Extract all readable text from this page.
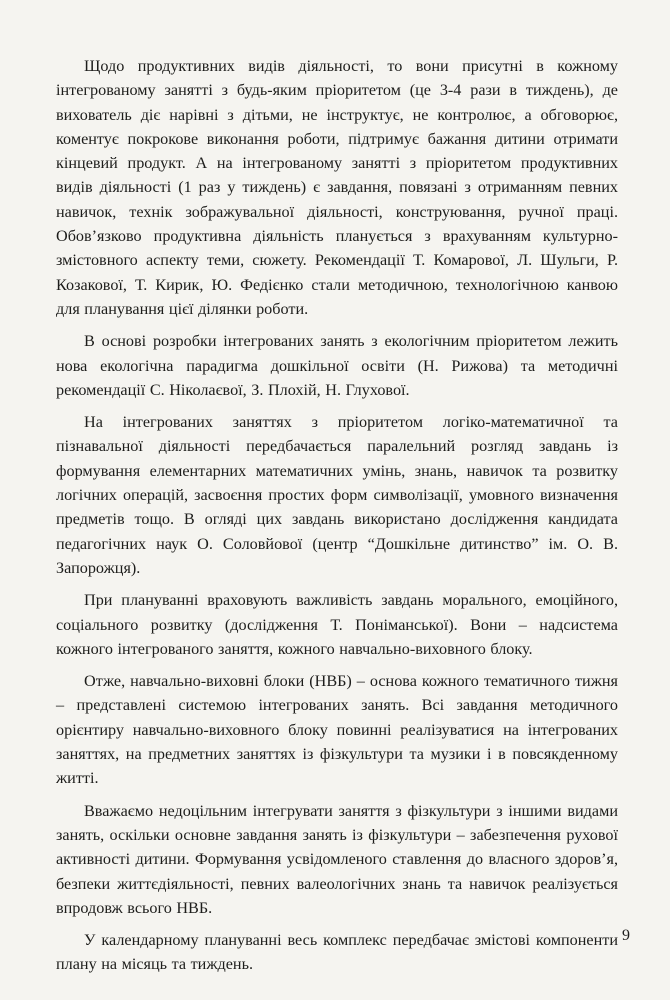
Щодо продуктивних видів діяльності, то вони присутні в кожному інтегрованому занятті з будь-яким пріоритетом (це 3-4 рази в тиждень), де вихователь діє нарівні з дітьми, не інструктує, не контролює, а обговорює, коментує покрокове виконання роботи, підтримує бажання дитини отримати кінцевий продукт. А на інтегрованому занятті з пріоритетом продуктивних видів діяльності (1 раз у тиждень) є завдання, повязані з отриманням певних навичок, технік зображувальної діяльності, конструювання, ручної праці. Обов’язково продуктивна діяльність планується з врахуванням культурно-змістовного аспекту теми, сюжету. Рекомендації Т. Комарової, Л. Шульги, Р. Козакової, Т. Кирик, Ю. Федієнко стали методичною, технологічною канвою для планування цієї ділянки роботи.

В основі розробки інтегрованих занять з екологічним пріоритетом лежить нова екологічна парадигма дошкільної освіти (Н. Рижова) та методичні рекомендації С. Ніколаєвої, З. Плохій, Н. Глухової.

На інтегрованих заняттях з пріоритетом логіко-математичної та пізнавальної діяльності передбачається паралельний розгляд завдань із формування елементарних математичних умінь, знань, навичок та розвитку логічних операцій, засвоєння простих форм символізації, умовного визначення предметів тощо. В огляді цих завдань використано дослідження кандидата педагогічних наук О. Соловйової (центр “Дошкільне дитинство” ім. О. В. Запорожця).

При плануванні враховують важливість завдань морального, емоційного, соціального розвитку (дослідження Т. Поніманської). Вони – надсистема кожного інтегрованого заняття, кожного навчально-виховного блоку.

Отже, навчально-виховні блоки (НВБ) – основа кожного тематичного тижня – представлені системою інтегрованих занять. Всі завдання методичного орієнтиру навчально-виховного блоку повинні реалізуватися на інтегрованих заняттях, на предметних заняттях із фізкультури та музики і в повсякденному житті.

Вважаємо недоцільним інтегрувати заняття з фізкультури з іншими видами занять, оскільки основне завдання занять із фізкультури – забезпечення рухової активності дитини. Формування усвідомленого ставлення до власного здоров’я, безпеки життєдіяльності, певних валеологічних знань та навичок реалізується впродовж всього НВБ.

У календарному плануванні весь комплекс передбачає змістові компоненти плану на місяць та тиждень.

9
